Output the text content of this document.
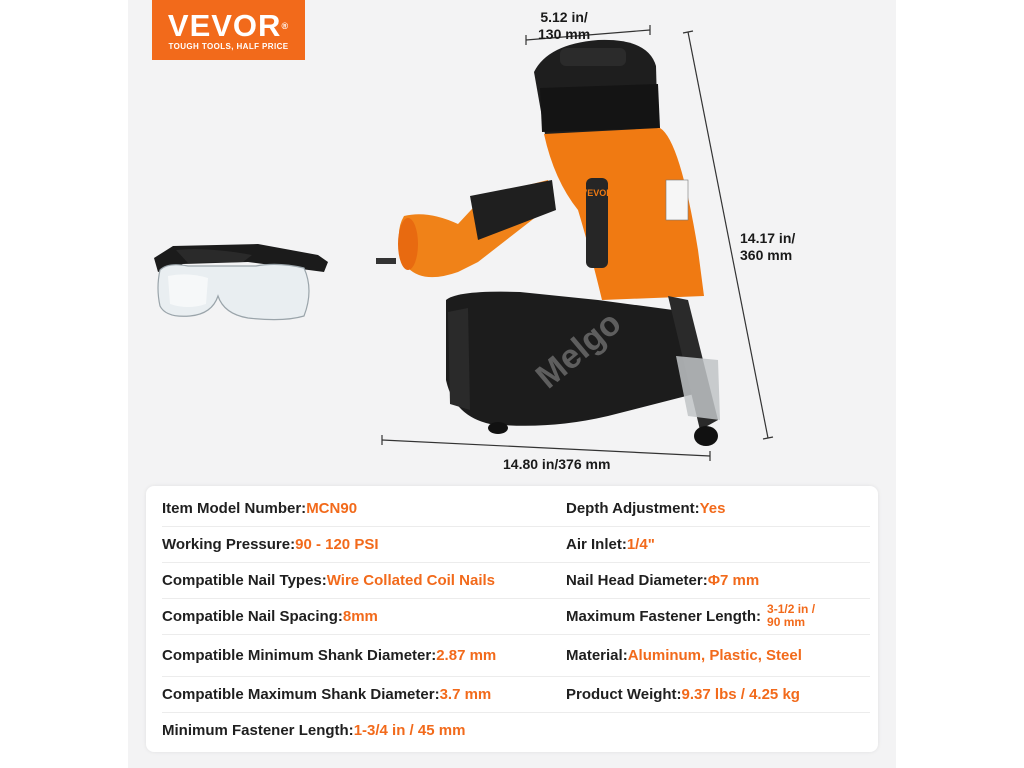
VEVOR®
TOUGH TOOLS, HALF PRICE
VEVOR
Melgo
5.12 in/
130 mm
14.17 in/
360 mm
14.80 in/376 mm
Item Model Number: MCN90	Depth Adjustment: Yes
Working Pressure: 90 - 120 PSI	Air Inlet: 1/4"
Compatible Nail Types: Wire Collated Coil Nails	Nail Head Diameter: Φ7 mm
Compatible Nail Spacing: 8mm	Maximum Fastener Length: 3-1/2 in /
90 mm
Compatible Minimum Shank Diameter: 2.87 mm	Material: Aluminum, Plastic, Steel
Compatible Maximum Shank Diameter: 3.7 mm	Product Weight: 9.37 lbs / 4.25 kg
Minimum Fastener Length: 1-3/4 in / 45 mm
